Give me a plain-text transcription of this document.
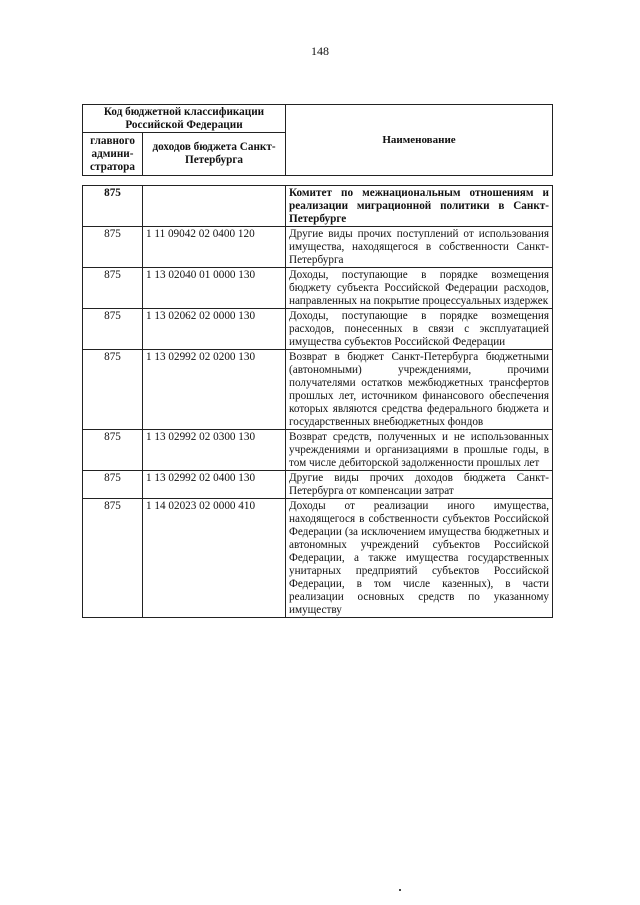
148
Код бюджетной классификации Российской Федерации		Наименование
главного админи-стратора	доходов бюджета Санкт-Петербурга	
875		Комитет по межнациональным отношениям и реализации миграционной политики в Санкт-Петербурге
875	1 11 09042 02 0400 120	Другие виды прочих поступлений от использования имущества, находящегося в собственности Санкт-Петербурга
875	1 13 02040 01 0000 130	Доходы, поступающие в порядке возмещения бюджету субъекта Российской Федерации расходов, направленных на покрытие процессуальных издержек
875	1 13 02062 02 0000 130	Доходы, поступающие в порядке возмещения расходов, понесенных в связи с эксплуатацией имущества субъектов Российской Федерации
875	1 13 02992 02 0200 130	Возврат в бюджет Санкт-Петербурга бюджетными (автономными) учреждениями, прочими получателями остатков межбюджетных трансфертов прошлых лет, источником финансового обеспечения которых являются средства федерального бюджета и государственных внебюджетных фондов
875	1 13 02992 02 0300 130	Возврат средств, полученных и не использованных учреждениями и организациями в прошлые годы, в том числе дебиторской задолженности прошлых лет
875	1 13 02992 02 0400 130	Другие виды прочих доходов бюджета Санкт-Петербурга от компенсации затрат
875	1 14 02023 02 0000 410	Доходы от реализации иного имущества, находящегося в собственности субъектов Российской Федерации (за исключением имущества бюджетных и автономных учреждений субъектов Российской Федерации, а также имущества государственных унитарных предприятий субъектов Российской Федерации, в том числе казенных), в части реализации основных средств по указанному имуществу
